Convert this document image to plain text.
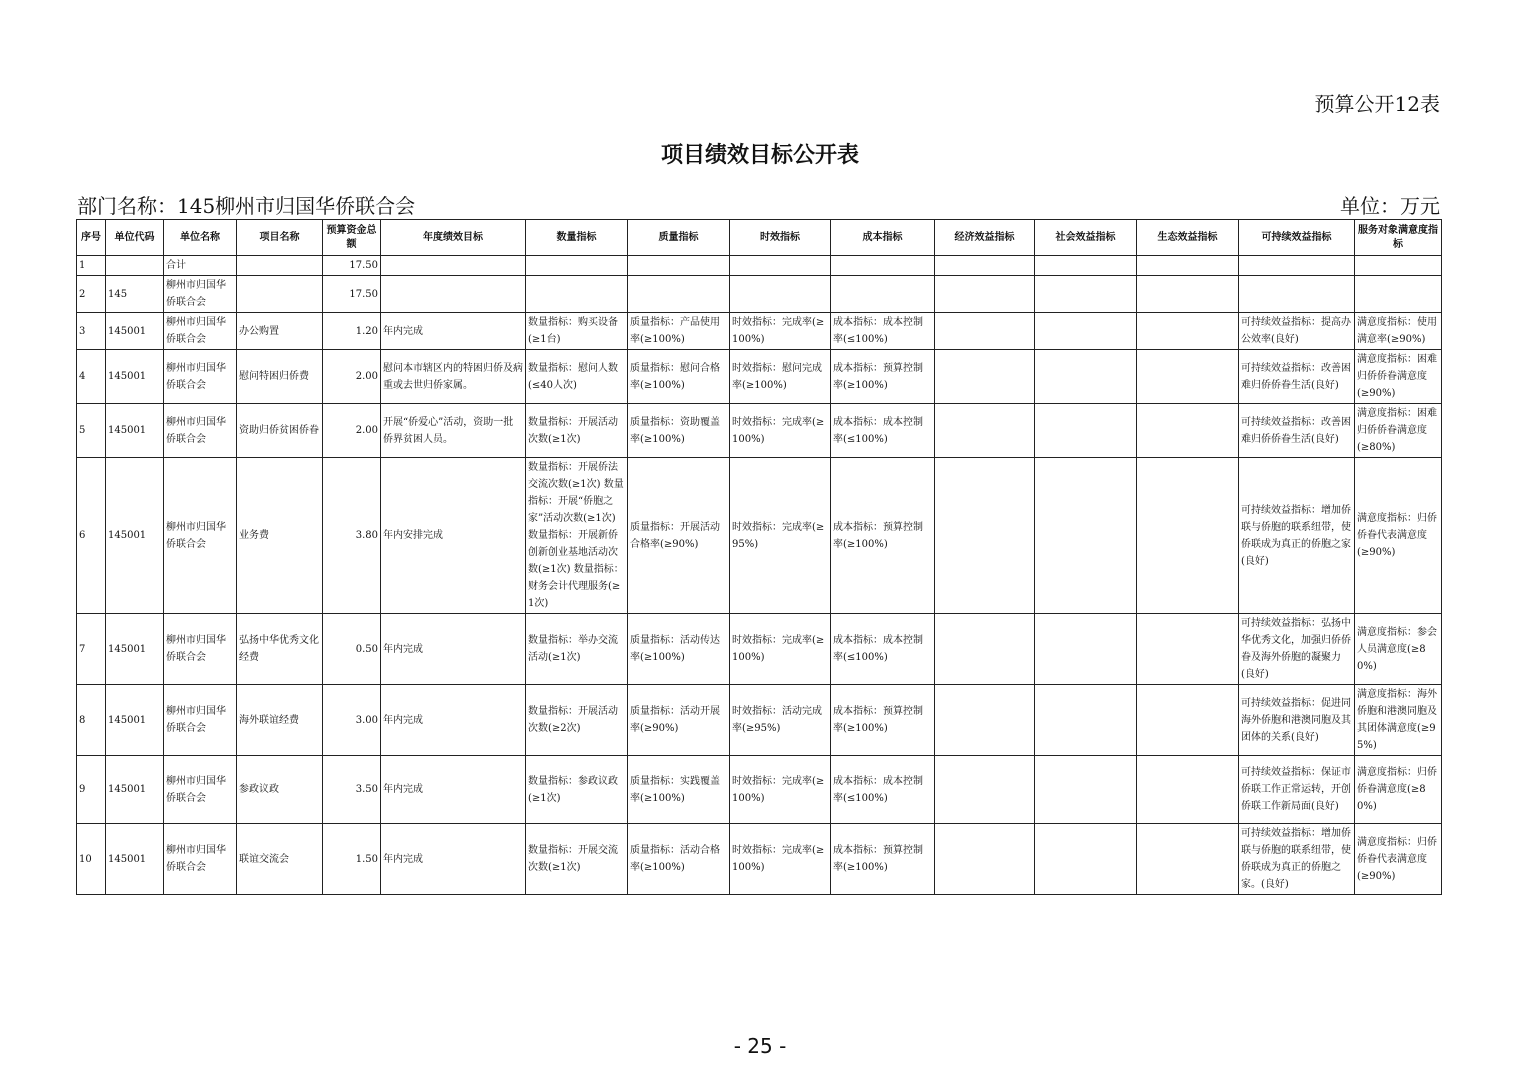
预算公开12表
项目绩效目标公开表
部门名称：145柳州市归国华侨联合会	单位：万元
序号	单位代码	单位名称	项目名称	预算资金总额	年度绩效目标	数量指标	质量指标	时效指标	成本指标	经济效益指标	社会效益指标	生态效益指标	可持续效益指标	服务对象满意度指标
1		合计		17.50										
2	145	柳州市归国华侨联合会		17.50										
3	145001	柳州市归国华侨联合会	办公购置	1.20	年内完成	数量指标：购买设备(≥1台)	质量指标：产品使用率(≥100%)	时效指标：完成率(≥100%)	成本指标：成本控制率(≤100%)				可持续效益指标：提高办公效率(良好)	满意度指标：使用满意率(≥90%)
4	145001	柳州市归国华侨联合会	慰问特困归侨费	2.00	慰问本市辖区内的特困归侨及病重或去世归侨家属。	数量指标：慰问人数(≤40人次)	质量指标：慰问合格率(≥100%)	时效指标：慰问完成率(≥100%)	成本指标：预算控制率(≥100%)				可持续效益指标：改善困难归侨侨眷生活(良好)	满意度指标：困难归侨侨眷满意度(≥90%)
5	145001	柳州市归国华侨联合会	资助归侨贫困侨眷	2.00	开展“侨爱心”活动，资助一批侨界贫困人员。	数量指标：开展活动次数(≥1次)	质量指标：资助覆盖率(≥100%)	时效指标：完成率(≥100%)	成本指标：成本控制率(≤100%)				可持续效益指标：改善困难归侨侨眷生活(良好)	满意度指标：困难归侨侨眷满意度(≥80%)
6	145001	柳州市归国华侨联合会	业务费	3.80	年内安排完成	数量指标：开展侨法交流次数(≥1次) 数量指标：开展“侨胞之家”活动次数(≥1次) 数量指标：开展新侨创新创业基地活动次数(≥1次) 数量指标：财务会计代理服务(≥1次)	质量指标：开展活动合格率(≥90%)	时效指标：完成率(≥95%)	成本指标：预算控制率(≥100%)				可持续效益指标：增加侨联与侨胞的联系纽带，使侨联成为真正的侨胞之家(良好)	满意度指标：归侨侨眷代表满意度(≥90%)
7	145001	柳州市归国华侨联合会	弘扬中华优秀文化经费	0.50	年内完成	数量指标：举办交流活动(≥1次)	质量指标：活动传达率(≥100%)	时效指标：完成率(≥100%)	成本指标：成本控制率(≤100%)				可持续效益指标：弘扬中华优秀文化，加强归侨侨眷及海外侨胞的凝聚力(良好)	满意度指标：参会人员满意度(≥80%)
8	145001	柳州市归国华侨联合会	海外联谊经费	3.00	年内完成	数量指标：开展活动次数(≥2次)	质量指标：活动开展率(≥90%)	时效指标：活动完成率(≥95%)	成本指标：预算控制率(≥100%)				可持续效益指标：促进同海外侨胞和港澳同胞及其团体的关系(良好)	满意度指标：海外侨胞和港澳同胞及其团体满意度(≥95%)
9	145001	柳州市归国华侨联合会	参政议政	3.50	年内完成	数量指标：参政议政(≥1次)	质量指标：实践覆盖率(≥100%)	时效指标：完成率(≥100%)	成本指标：成本控制率(≤100%)				可持续效益指标：保证市侨联工作正常运转，开创侨联工作新局面(良好)	满意度指标：归侨侨眷满意度(≥80%)
10	145001	柳州市归国华侨联合会	联谊交流会	1.50	年内完成	数量指标：开展交流次数(≥1次)	质量指标：活动合格率(≥100%)	时效指标：完成率(≥100%)	成本指标：预算控制率(≥100%)				可持续效益指标：增加侨联与侨胞的联系纽带，使侨联成为真正的侨胞之家。(良好)	满意度指标：归侨侨眷代表满意度(≥90%)
- 25 -
